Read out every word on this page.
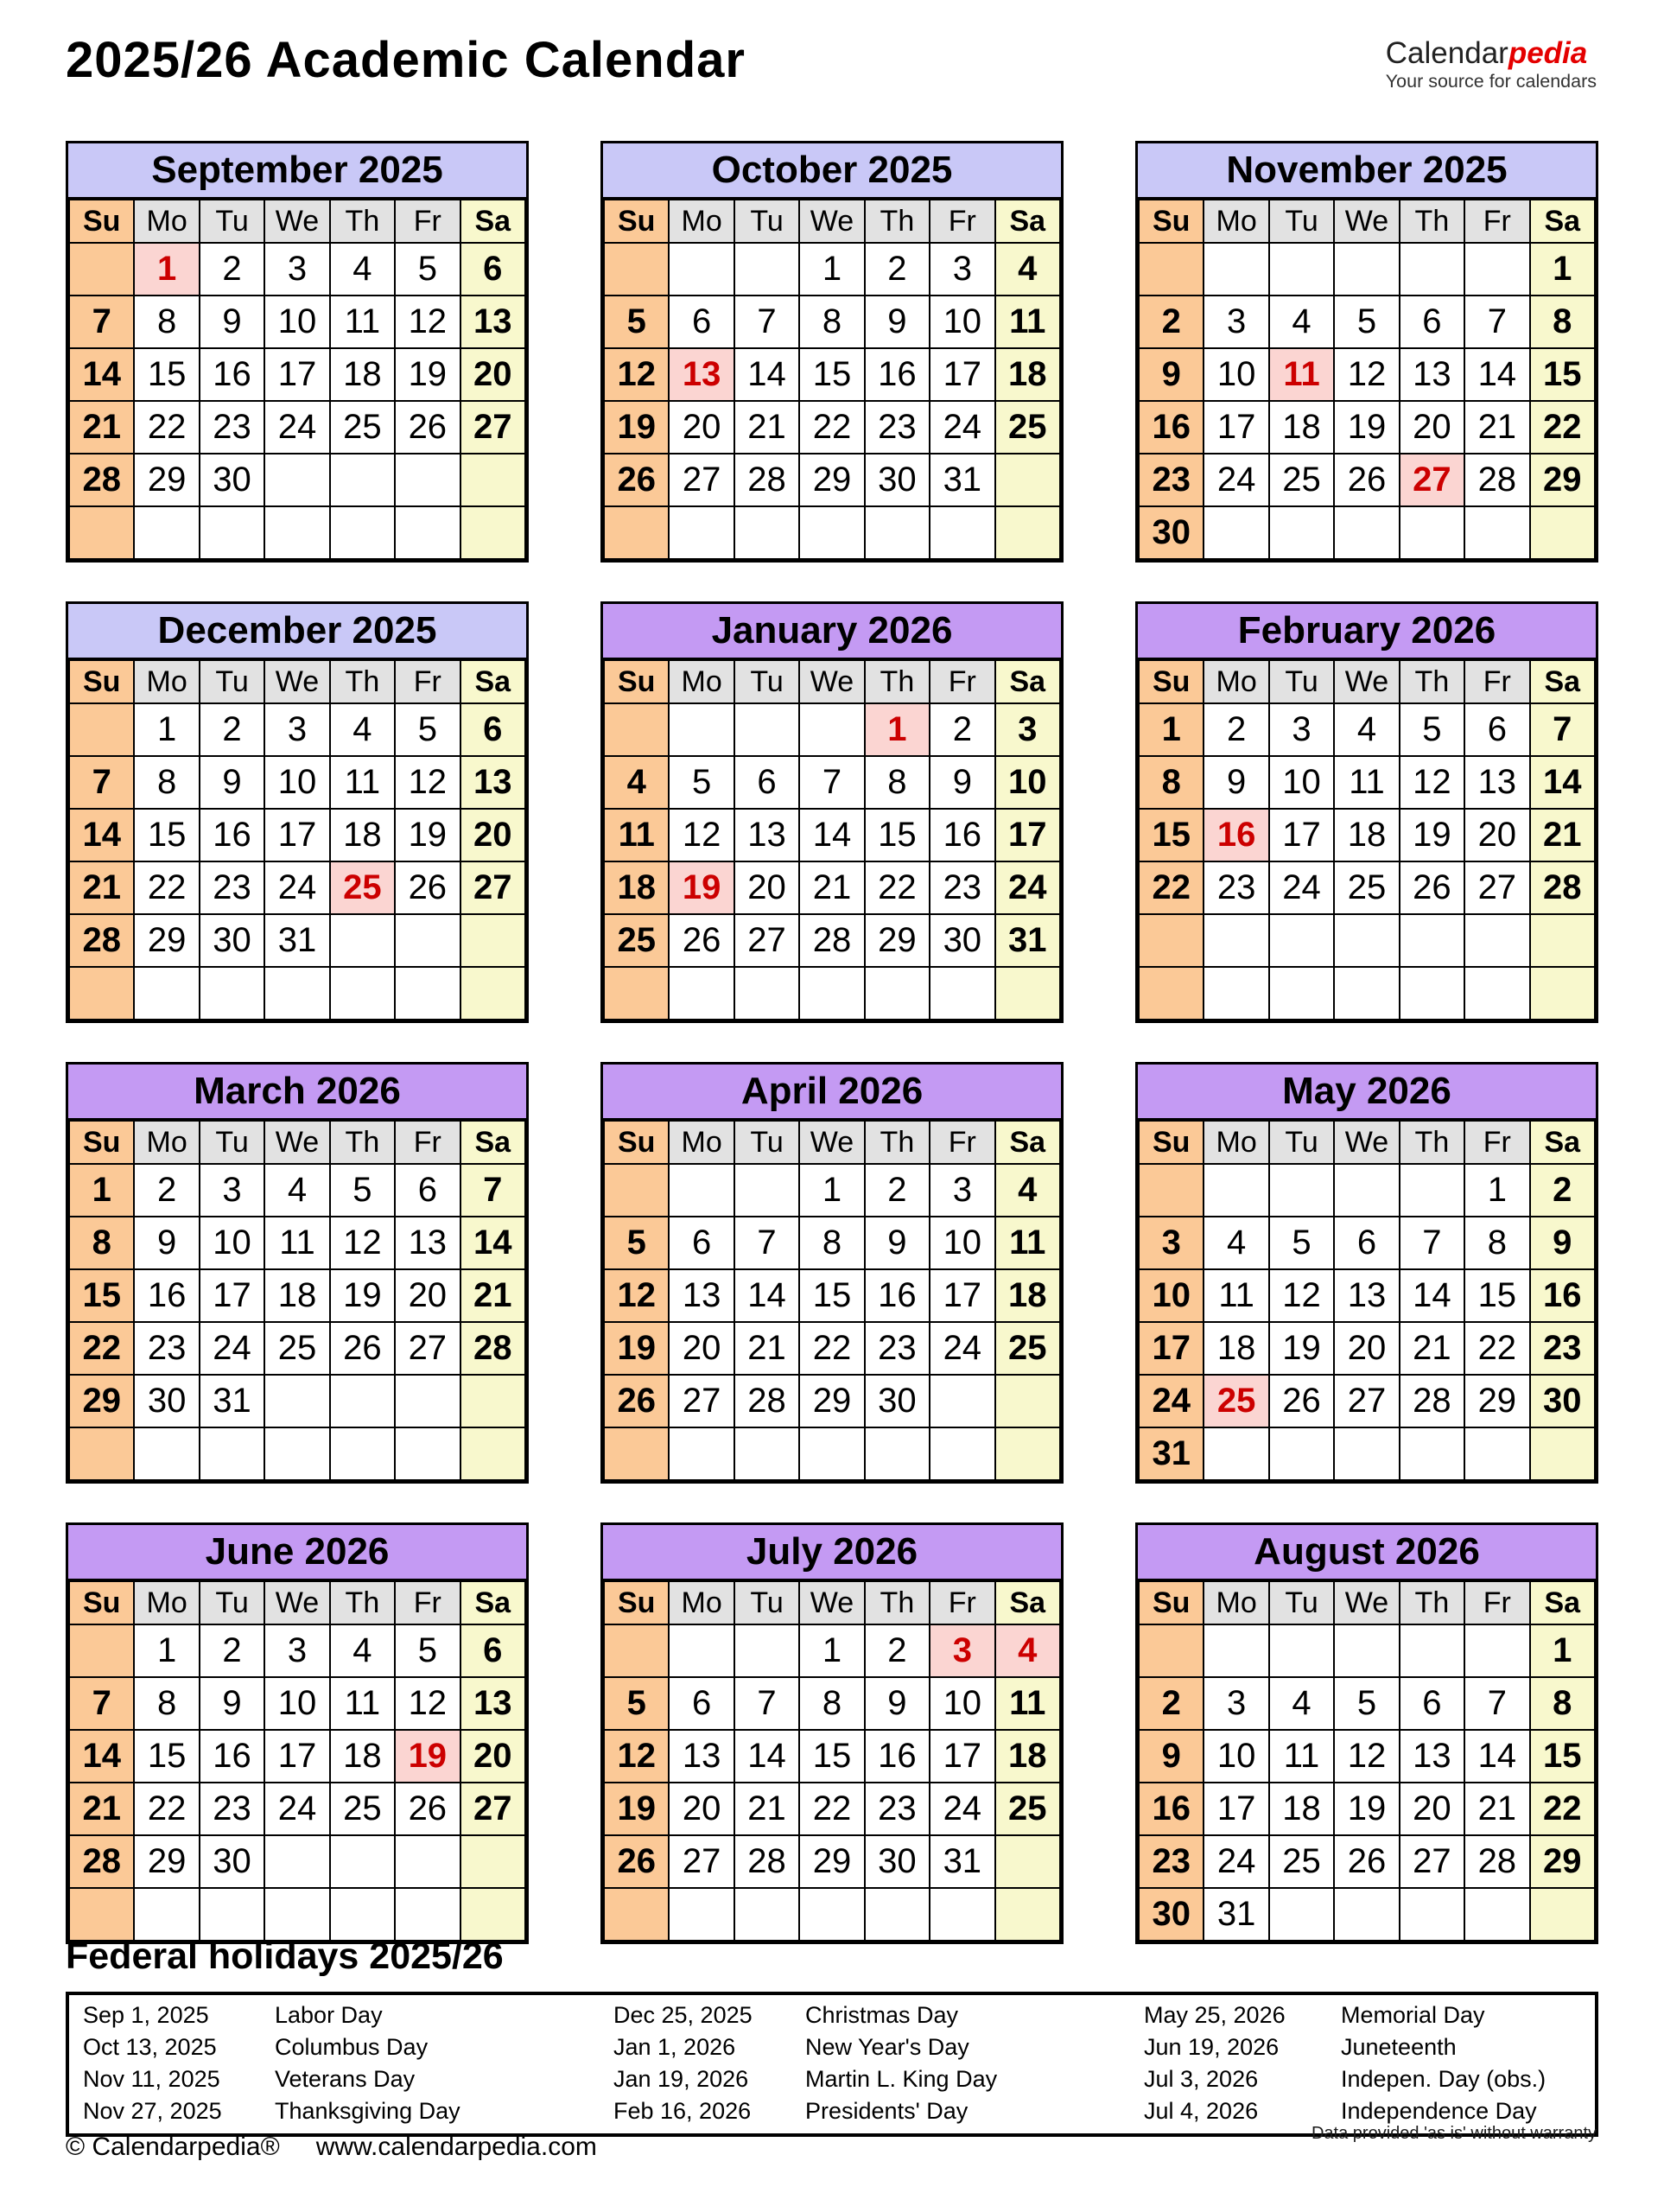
2025/26 Academic Calendar	Calendarpedia
Your source for calendars
September 2025
Su	Mo	Tu	We	Th	Fr	Sa
	1	2	3	4	5	6
7	8	9	10	11	12	13
14	15	16	17	18	19	20
21	22	23	24	25	26	27
28	29	30				

October 2025
Su	Mo	Tu	We	Th	Fr	Sa
			1	2	3	4
5	6	7	8	9	10	11
12	13	14	15	16	17	18
19	20	21	22	23	24	25
26	27	28	29	30	31	

November 2025
Su	Mo	Tu	We	Th	Fr	Sa
						1
2	3	4	5	6	7	8
9	10	11	12	13	14	15
16	17	18	19	20	21	22
23	24	25	26	27	28	29
30						
December 2025
Su	Mo	Tu	We	Th	Fr	Sa
	1	2	3	4	5	6
7	8	9	10	11	12	13
14	15	16	17	18	19	20
21	22	23	24	25	26	27
28	29	30	31			

January 2026
Su	Mo	Tu	We	Th	Fr	Sa
				1	2	3
4	5	6	7	8	9	10
11	12	13	14	15	16	17
18	19	20	21	22	23	24
25	26	27	28	29	30	31

February 2026
Su	Mo	Tu	We	Th	Fr	Sa
1	2	3	4	5	6	7
8	9	10	11	12	13	14
15	16	17	18	19	20	21
22	23	24	25	26	27	28

March 2026
Su	Mo	Tu	We	Th	Fr	Sa
1	2	3	4	5	6	7
8	9	10	11	12	13	14
15	16	17	18	19	20	21
22	23	24	25	26	27	28
29	30	31				

April 2026
Su	Mo	Tu	We	Th	Fr	Sa
			1	2	3	4
5	6	7	8	9	10	11
12	13	14	15	16	17	18
19	20	21	22	23	24	25
26	27	28	29	30		

May 2026
Su	Mo	Tu	We	Th	Fr	Sa
					1	2
3	4	5	6	7	8	9
10	11	12	13	14	15	16
17	18	19	20	21	22	23
24	25	26	27	28	29	30
31						
June 2026
Su	Mo	Tu	We	Th	Fr	Sa
	1	2	3	4	5	6
7	8	9	10	11	12	13
14	15	16	17	18	19	20
21	22	23	24	25	26	27
28	29	30				

July 2026
Su	Mo	Tu	We	Th	Fr	Sa
			1	2	3	4
5	6	7	8	9	10	11
12	13	14	15	16	17	18
19	20	21	22	23	24	25
26	27	28	29	30	31	

August 2026
Su	Mo	Tu	We	Th	Fr	Sa
						1
2	3	4	5	6	7	8
9	10	11	12	13	14	15
16	17	18	19	20	21	22
23	24	25	26	27	28	29
30	31					
Federal holidays 2025/26
Sep 1, 2025	Labor Day	Dec 25, 2025	Christmas Day	May 25, 2026	Memorial Day
Oct 13, 2025	Columbus Day	Jan 1, 2026	New Year's Day	Jun 19, 2026	Juneteenth
Nov 11, 2025	Veterans Day	Jan 19, 2026	Martin L. King Day	Jul 3, 2026	Indepen. Day (obs.)
Nov 27, 2025	Thanksgiving Day	Feb 16, 2026	Presidents' Day	Jul 4, 2026	Independence Day
© Calendarpedia® www.calendarpedia.com	Data provided 'as is' without warranty
